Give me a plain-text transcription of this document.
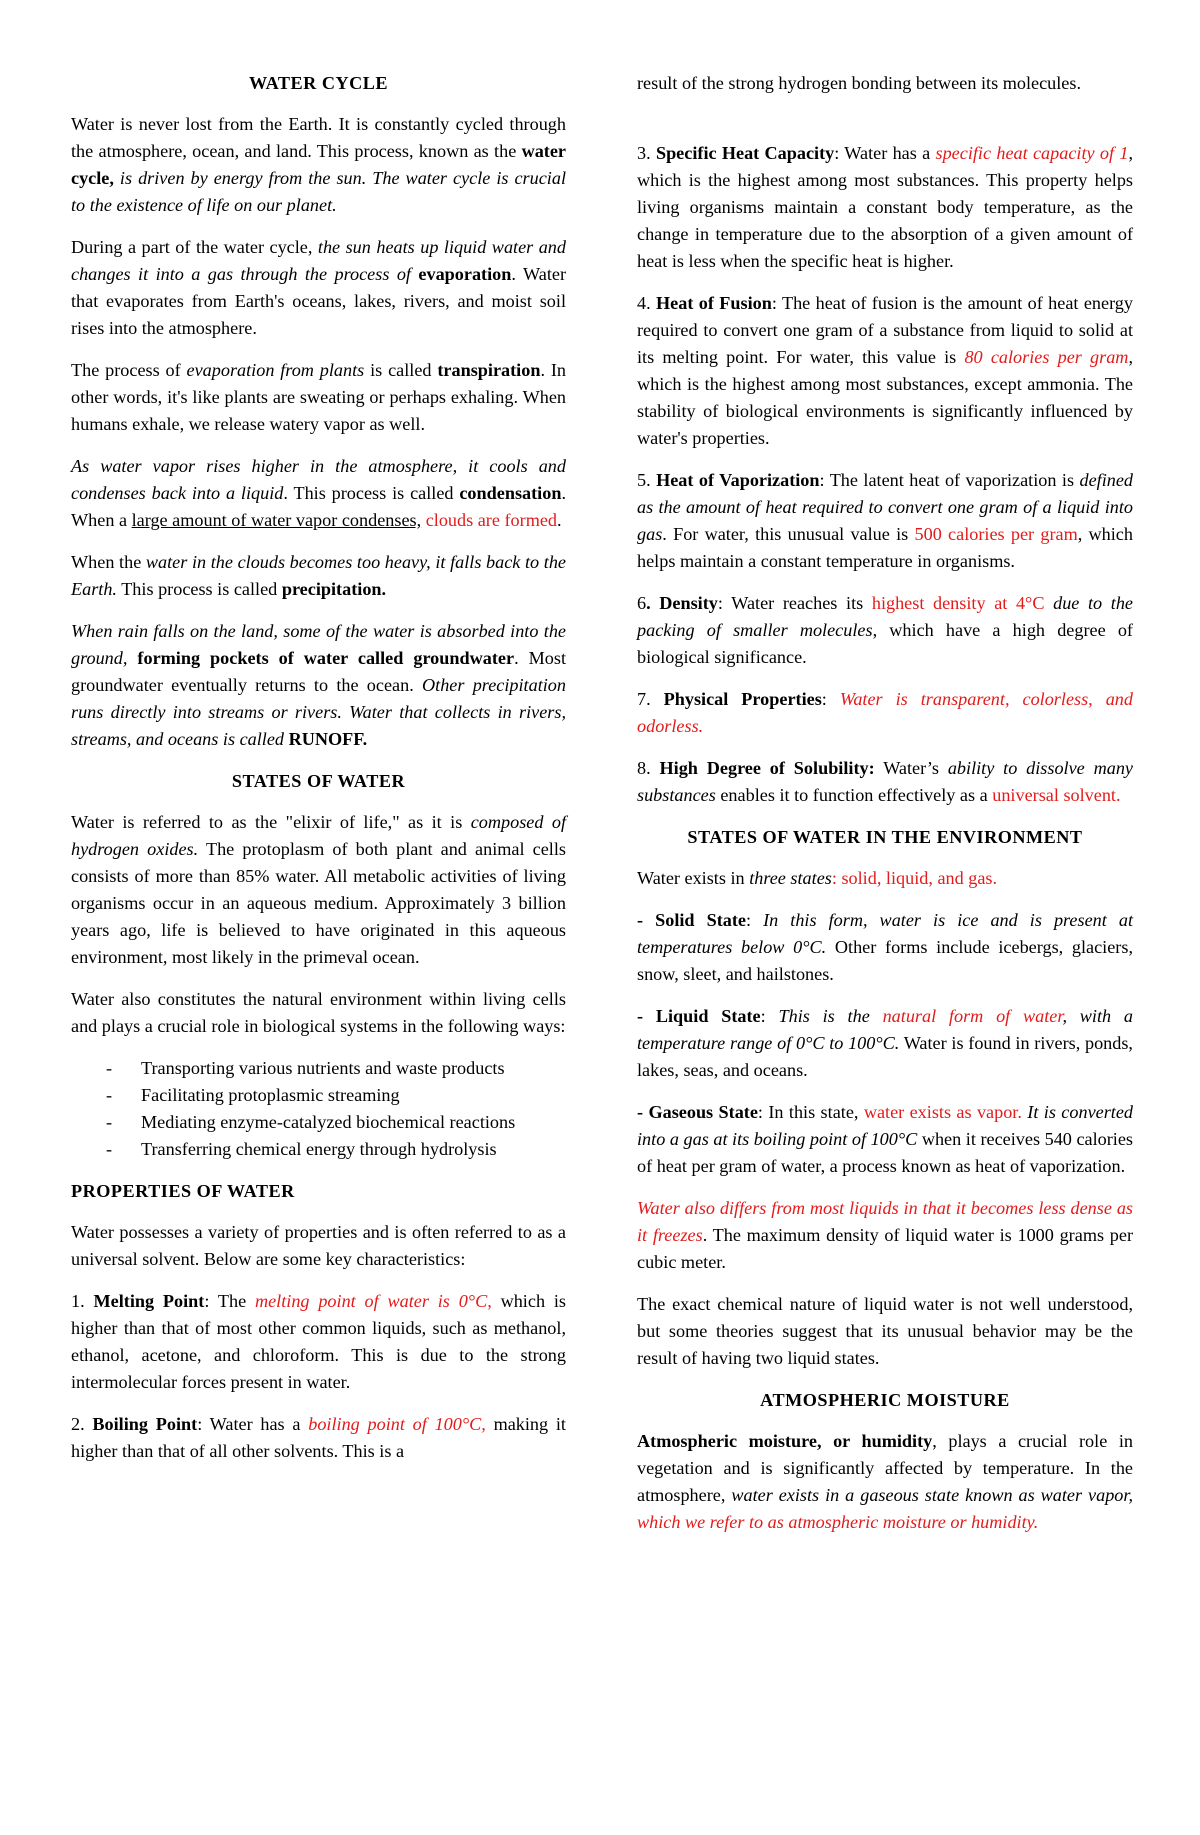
WATER CYCLE

Water is never lost from the Earth. It is constantly cycled through the atmosphere, ocean, and land. This process, known as the water cycle, is driven by energy from the sun. The water cycle is crucial to the existence of life on our planet.

During a part of the water cycle, the sun heats up liquid water and changes it into a gas through the process of evaporation. Water that evaporates from Earth's oceans, lakes, rivers, and moist soil rises into the atmosphere.

The process of evaporation from plants is called transpiration. In other words, it's like plants are sweating or perhaps exhaling. When humans exhale, we release watery vapor as well.

As water vapor rises higher in the atmosphere, it cools and condenses back into a liquid. This process is called condensation. When a large amount of water vapor condenses, clouds are formed.

When the water in the clouds becomes too heavy, it falls back to the Earth. This process is called precipitation.

When rain falls on the land, some of the water is absorbed into the ground, forming pockets of water called groundwater. Most groundwater eventually returns to the ocean. Other precipitation runs directly into streams or rivers. Water that collects in rivers, streams, and oceans is called RUNOFF.

STATES OF WATER

Water is referred to as the "elixir of life," as it is composed of hydrogen oxides. The protoplasm of both plant and animal cells consists of more than 85% water. All metabolic activities of living organisms occur in an aqueous medium. Approximately 3 billion years ago, life is believed to have originated in this aqueous environment, most likely in the primeval ocean.

Water also constitutes the natural environment within living cells and plays a crucial role in biological systems in the following ways:

- Transporting various nutrients and waste products
- Facilitating protoplasmic streaming
- Mediating enzyme-catalyzed biochemical reactions
- Transferring chemical energy through hydrolysis
PROPERTIES OF WATER

Water possesses a variety of properties and is often referred to as a universal solvent. Below are some key characteristics:

1. Melting Point: The melting point of water is 0°C, which is higher than that of most other common liquids, such as methanol, ethanol, acetone, and chloroform. This is due to the strong intermolecular forces present in water.

2. Boiling Point: Water has a boiling point of 100°C, making it higher than that of all other solvents. This is a

result of the strong hydrogen bonding between its molecules.

3. Specific Heat Capacity: Water has a specific heat capacity of 1, which is the highest among most substances. This property helps living organisms maintain a constant body temperature, as the change in temperature due to the absorption of a given amount of heat is less when the specific heat is higher.

4. Heat of Fusion: The heat of fusion is the amount of heat energy required to convert one gram of a substance from liquid to solid at its melting point. For water, this value is 80 calories per gram, which is the highest among most substances, except ammonia. The stability of biological environments is significantly influenced by water's properties.

5. Heat of Vaporization: The latent heat of vaporization is defined as the amount of heat required to convert one gram of a liquid into gas. For water, this unusual value is 500 calories per gram, which helps maintain a constant temperature in organisms.

6. Density: Water reaches its highest density at 4°C due to the packing of smaller molecules, which have a high degree of biological significance.

7. Physical Properties: Water is transparent, colorless, and odorless.

8. High Degree of Solubility: Water’s ability to dissolve many substances enables it to function effectively as a universal solvent.

STATES OF WATER IN THE ENVIRONMENT

Water exists in three states: solid, liquid, and gas.

- Solid State: In this form, water is ice and is present at temperatures below 0°C. Other forms include icebergs, glaciers, snow, sleet, and hailstones.

- Liquid State: This is the natural form of water, with a temperature range of 0°C to 100°C. Water is found in rivers, ponds, lakes, seas, and oceans.

- Gaseous State: In this state, water exists as vapor. It is converted into a gas at its boiling point of 100°C when it receives 540 calories of heat per gram of water, a process known as heat of vaporization.

Water also differs from most liquids in that it becomes less dense as it freezes. The maximum density of liquid water is 1000 grams per cubic meter.

The exact chemical nature of liquid water is not well understood, but some theories suggest that its unusual behavior may be the result of having two liquid states.

ATMOSPHERIC MOISTURE

Atmospheric moisture, or humidity, plays a crucial role in vegetation and is significantly affected by temperature. In the atmosphere, water exists in a gaseous state known as water vapor, which we refer to as atmospheric moisture or humidity.
